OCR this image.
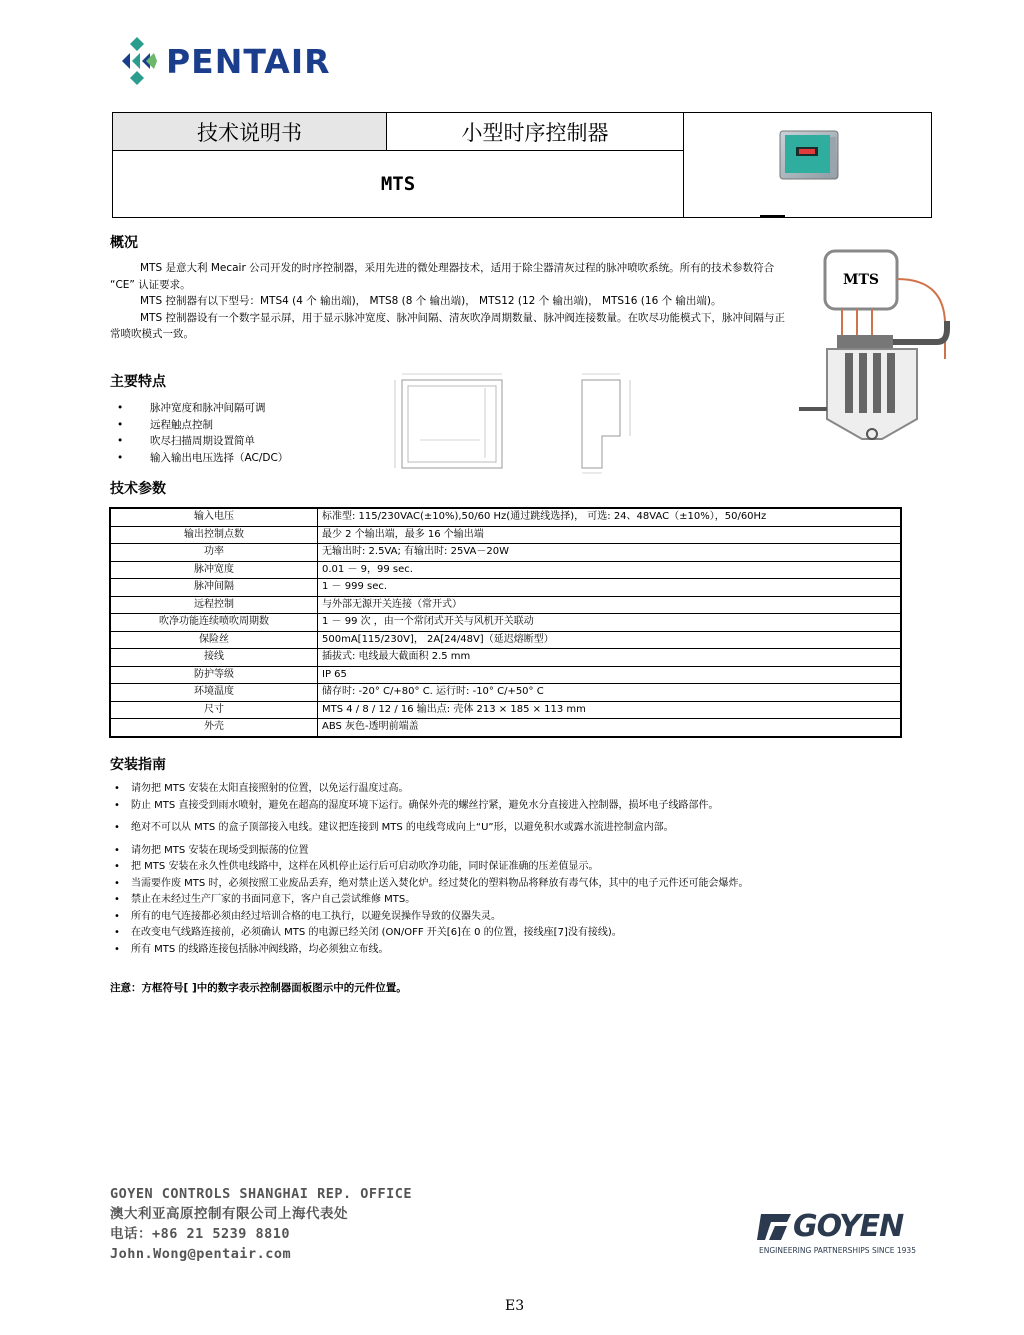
PENTAIR
技术说明书	小型时序控制器
MTS
概况

MTS 是意大利 Mecair 公司开发的时序控制器，采用先进的微处理器技术，适用于除尘器清灰过程的脉冲喷吹系统。所有的技术参数符合 “CE” 认证要求。

MTS 控制器有以下型号：MTS4 (4 个 输出端)， MTS8 (8 个 输出端)， MTS12 (12 个 输出端)， MTS16 (16 个 输出端)。

MTS 控制器设有一个数字显示屏，用于显示脉冲宽度、脉冲间隔、清灰吹净周期数量、脉冲阀连接数量。在吹尽功能模式下，脉冲间隔与正常喷吹模式一致。

MTS
主要特点
• 脉冲宽度和脉冲间隔可调
• 远程触点控制
• 吹尽扫描周期设置简单
• 输入输出电压选择（AC/DC）
技术参数
输入电压	标准型: 115/230VAC(±10%),50/60 Hz(通过跳线选择)， 可选: 24、48VAC（±10%），50/60Hz
输出控制点数	最少 2 个输出端，最多 16 个输出端
功率	无输出时: 2.5VA; 有输出时: 25VA－20W
脉冲宽度	0.01 － 9，99 sec.
脉冲间隔	1 － 999 sec.
远程控制	与外部无源开关连接（常开式）
吹净功能连续喷吹周期数	1 － 99 次 ，由一个常闭式开关与风机开关联动
保险丝	500mA[115/230V]， 2A[24/48V]（延迟熔断型）
接线	插拔式: 电线最大截面积 2.5 mm
防护等级	IP 65
环境温度	储存时: -20° C/+80° C. 运行时: -10° C/+50° C
尺寸	MTS 4 / 8 / 12 / 16 输出点: 壳体 213 × 185 × 113 mm
外壳	ABS 灰色-透明前端盖
安装指南
• 请勿把 MTS 安装在太阳直接照射的位置，以免运行温度过高。
• 防止 MTS 直接受到雨水喷射，避免在超高的湿度环境下运行。确保外壳的螺丝拧紧，避免水分直接进入控制器，损坏电子线路部件。
• 绝对不可以从 MTS 的盒子顶部接入电线。建议把连接到 MTS 的电线弯成向上“U”形，以避免积水或露水流进控制盒内部。
• 请勿把 MTS 安装在现场受到振荡的位置
• 把 MTS 安装在永久性供电线路中，这样在风机停止运行后可启动吹净功能，同时保证准确的压差值显示。
• 当需要作废 MTS 时，必须按照工业废品丢弃，绝对禁止送入焚化炉。经过焚化的塑料物品将释放有毒气体，其中的电子元件还可能会爆炸。
• 禁止在未经过生产厂家的书面同意下，客户自己尝试维修 MTS。
• 所有的电气连接都必须由经过培训合格的电工执行，以避免误操作导致的仪器失灵。
• 在改变电气线路连接前，必须确认 MTS 的电源已经关闭 (ON/OFF 开关[6]在 0 的位置，接线座[7]没有接线)。
• 所有 MTS 的线路连接包括脉冲阀线路，均必须独立布线。
注意：方框符号[ ]中的数字表示控制器面板图示中的元件位置。
GOYEN CONTROLS SHANGHAI REP. OFFICE
澳大利亚高原控制有限公司上海代表处
电话：+86 21 5239 8810
John.Wong@pentair.com
GOYEN
ENGINEERING PARTNERSHIPS SINCE 1935
E3
